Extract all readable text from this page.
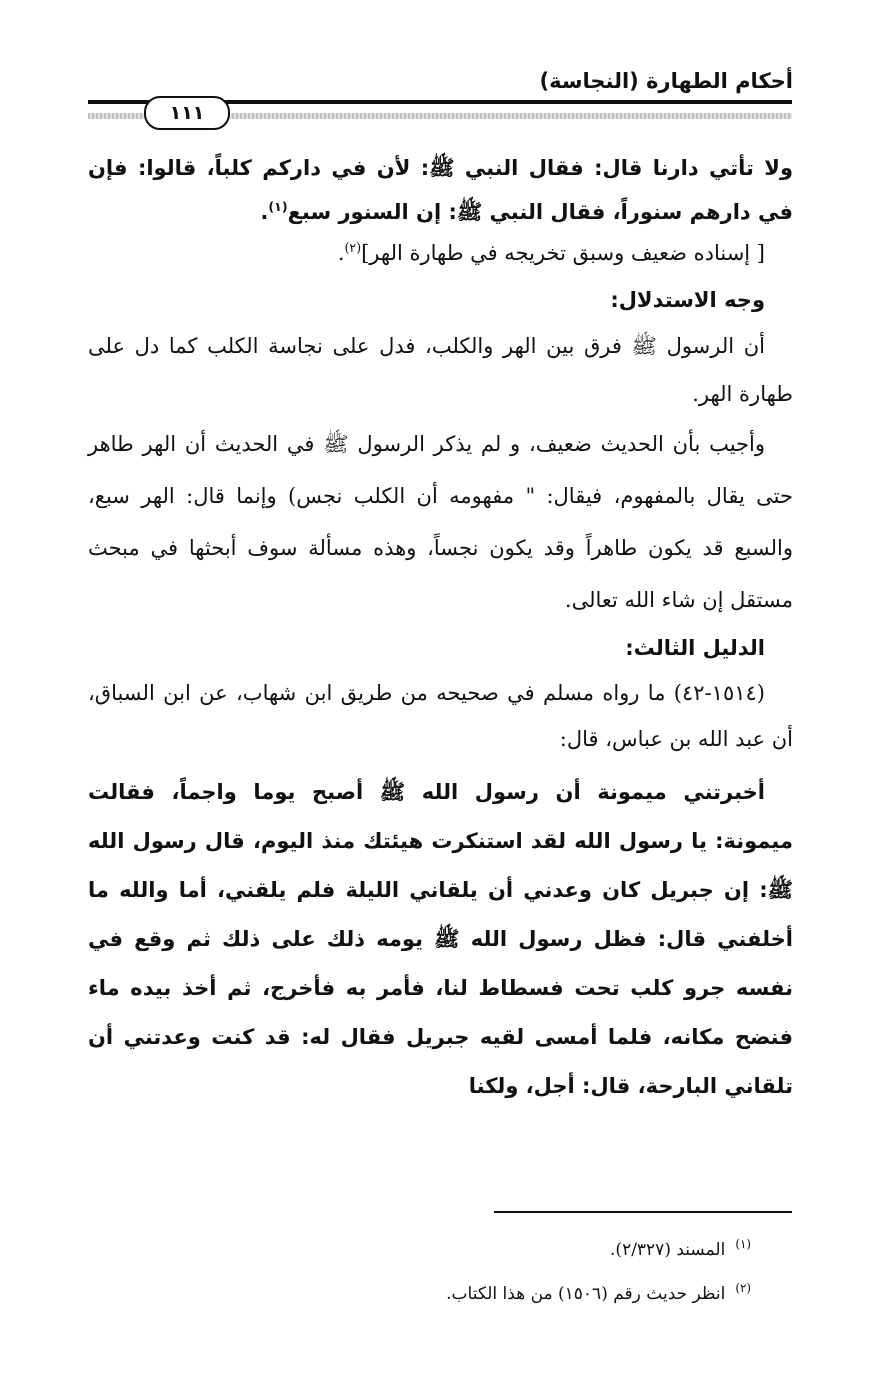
أحكام الطهارة (النجاسة)
١١١

ولا تأتي دارنا قال: فقال النبي ﷺ: لأن في داركم كلباً، قالوا: فإن في دارهم سنوراً، فقال النبي ﷺ: إن السنور سبع$^{(١)}$.

[ إسناده ضعيف وسبق تخريجه في طهارة الهر]$^{(٢)}$.

وجه الاستدلال:

أن الرسول ﷺ فرق بين الهر والكلب، فدل على نجاسة الكلب كما دل على طهارة الهر.

وأجيب بأن الحديث ضعيف، و لم يذكر الرسول ﷺ في الحديث أن الهر طاهر حتى يقال بالمفهوم، فيقال: " مفهومه أن الكلب نجس) وإنما قال: الهر سبع، والسبع قد يكون طاهراً وقد يكون نجساً، وهذه مسألة سوف أبحثها في مبحث مستقل إن شاء الله تعالى.

الدليل الثالث:

(١٥١٤-٤٢) ما رواه مسلم في صحيحه من طريق ابن شهاب، عن ابن السباق، أن عبد الله بن عباس، قال:

أخبرتني ميمونة أن رسول الله ﷺ أصبح يوما واجماً، فقالت ميمونة: يا رسول الله لقد استنكرت هيئتك منذ اليوم، قال رسول الله ﷺ: إن جبريل كان وعدني أن يلقاني الليلة فلم يلقني، أما والله ما أخلفني قال: فظل رسول الله ﷺ يومه ذلك على ذلك ثم وقع في نفسه جرو كلب تحت فسطاط لنا، فأمر به فأخرج، ثم أخذ بيده ماء فنضح مكانه، فلما أمسى لقيه جبريل فقال له: قد كنت وعدتني أن تلقاني البارحة، قال: أجل، ولكنا

$^{(١)}$المسند (٢/٣٢٧).

$^{(٢)}$انظر حديث رقم (١٥٠٦) من هذا الكتاب.
